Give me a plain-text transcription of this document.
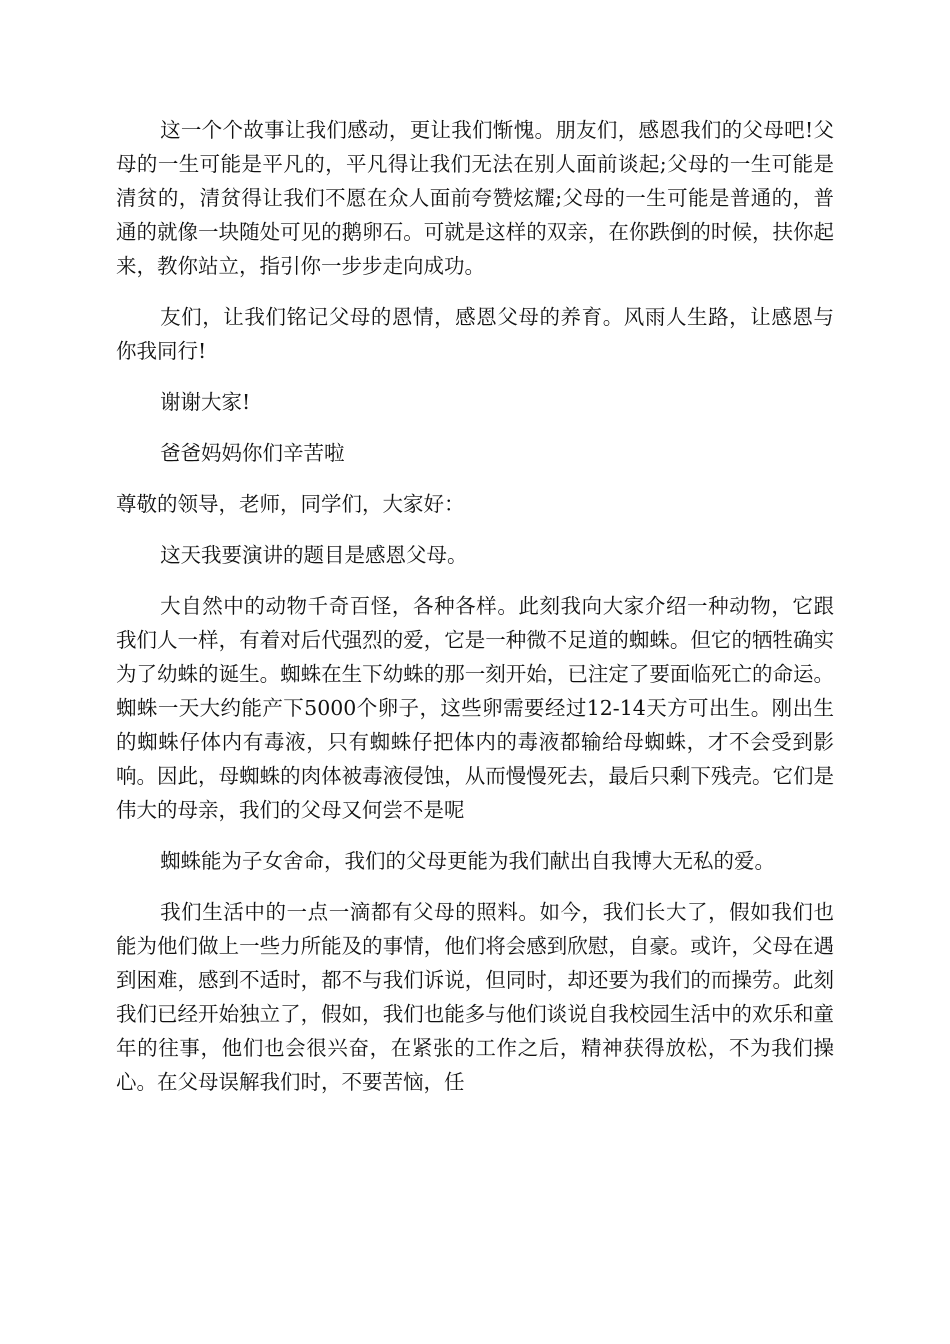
这一个个故事让我们感动，更让我们惭愧。朋友们，感恩我们的父母吧!父母的一生可能是平凡的，平凡得让我们无法在别人面前谈起;父母的一生可能是清贫的，清贫得让我们不愿在众人面前夸赞炫耀;父母的一生可能是普通的，普通的就像一块随处可见的鹅卵石。可就是这样的双亲，在你跌倒的时候，扶你起来，教你站立，指引你一步步走向成功。

友们，让我们铭记父母的恩情，感恩父母的养育。风雨人生路，让感恩与你我同行!

谢谢大家!

爸爸妈妈你们辛苦啦

尊敬的领导，老师，同学们，大家好：

这天我要演讲的题目是感恩父母。

大自然中的动物千奇百怪，各种各样。此刻我向大家介绍一种动物，它跟我们人一样，有着对后代强烈的爱，它是一种微不足道的蜘蛛。但它的牺牲确实为了幼蛛的诞生。蜘蛛在生下幼蛛的那一刻开始，已注定了要面临死亡的命运。蜘蛛一天大约能产下5000个卵子，这些卵需要经过12-14天方可出生。刚出生的蜘蛛仔体内有毒液，只有蜘蛛仔把体内的毒液都输给母蜘蛛，才不会受到影响。因此，母蜘蛛的肉体被毒液侵蚀，从而慢慢死去，最后只剩下残壳。它们是伟大的母亲，我们的父母又何尝不是呢

蜘蛛能为子女舍命，我们的父母更能为我们献出自我博大无私的爱。

我们生活中的一点一滴都有父母的照料。如今，我们长大了，假如我们也能为他们做上一些力所能及的事情，他们将会感到欣慰，自豪。或许，父母在遇到困难，感到不适时，都不与我们诉说，但同时，却还要为我们的而操劳。此刻我们已经开始独立了，假如，我们也能多与他们谈说自我校园生活中的欢乐和童年的往事，他们也会很兴奋，在紧张的工作之后，精神获得放松，不为我们操心。在父母误解我们时，不要苦恼，任
